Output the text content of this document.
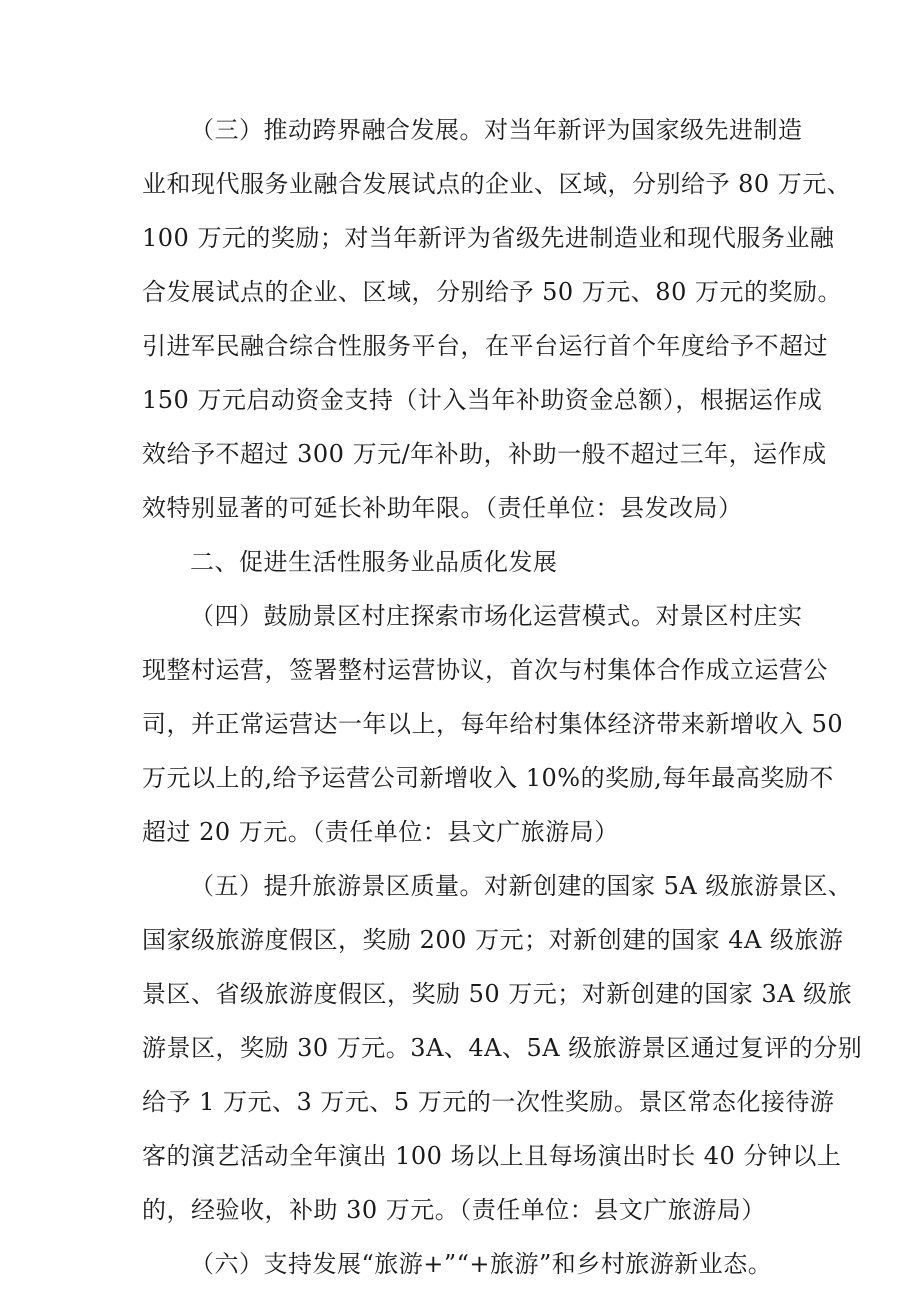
（三）推动跨界融合发展。对当年新评为国家级先进制造
业和现代服务业融合发展试点的企业、区域，分别给予 80 万元、
100 万元的奖励；对当年新评为省级先进制造业和现代服务业融
合发展试点的企业、区域，分别给予 50 万元、80 万元的奖励。
引进军民融合综合性服务平台，在平台运行首个年度给予不超过
150 万元启动资金支持（计入当年补助资金总额），根据运作成
效给予不超过 300 万元/年补助，补助一般不超过三年，运作成
效特别显著的可延长补助年限。（责任单位：县发改局）
二、促进生活性服务业品质化发展
（四）鼓励景区村庄探索市场化运营模式。对景区村庄实
现整村运营，签署整村运营协议，首次与村集体合作成立运营公
司，并正常运营达一年以上，每年给村集体经济带来新增收入 50
万元以上的,给予运营公司新增收入 10%的奖励,每年最高奖励不
超过 20 万元。（责任单位：县文广旅游局）
（五）提升旅游景区质量。对新创建的国家 5A 级旅游景区、
国家级旅游度假区，奖励 200 万元；对新创建的国家 4A 级旅游
景区、省级旅游度假区，奖励 50 万元；对新创建的国家 3A 级旅
游景区，奖励 30 万元。3A、4A、5A 级旅游景区通过复评的分别
给予 1 万元、3 万元、5 万元的一次性奖励。景区常态化接待游
客的演艺活动全年演出 100 场以上且每场演出时长 40 分钟以上
的，经验收，补助 30 万元。（责任单位：县文广旅游局）
（六）支持发展“旅游+”“+旅游”和乡村旅游新业态。
